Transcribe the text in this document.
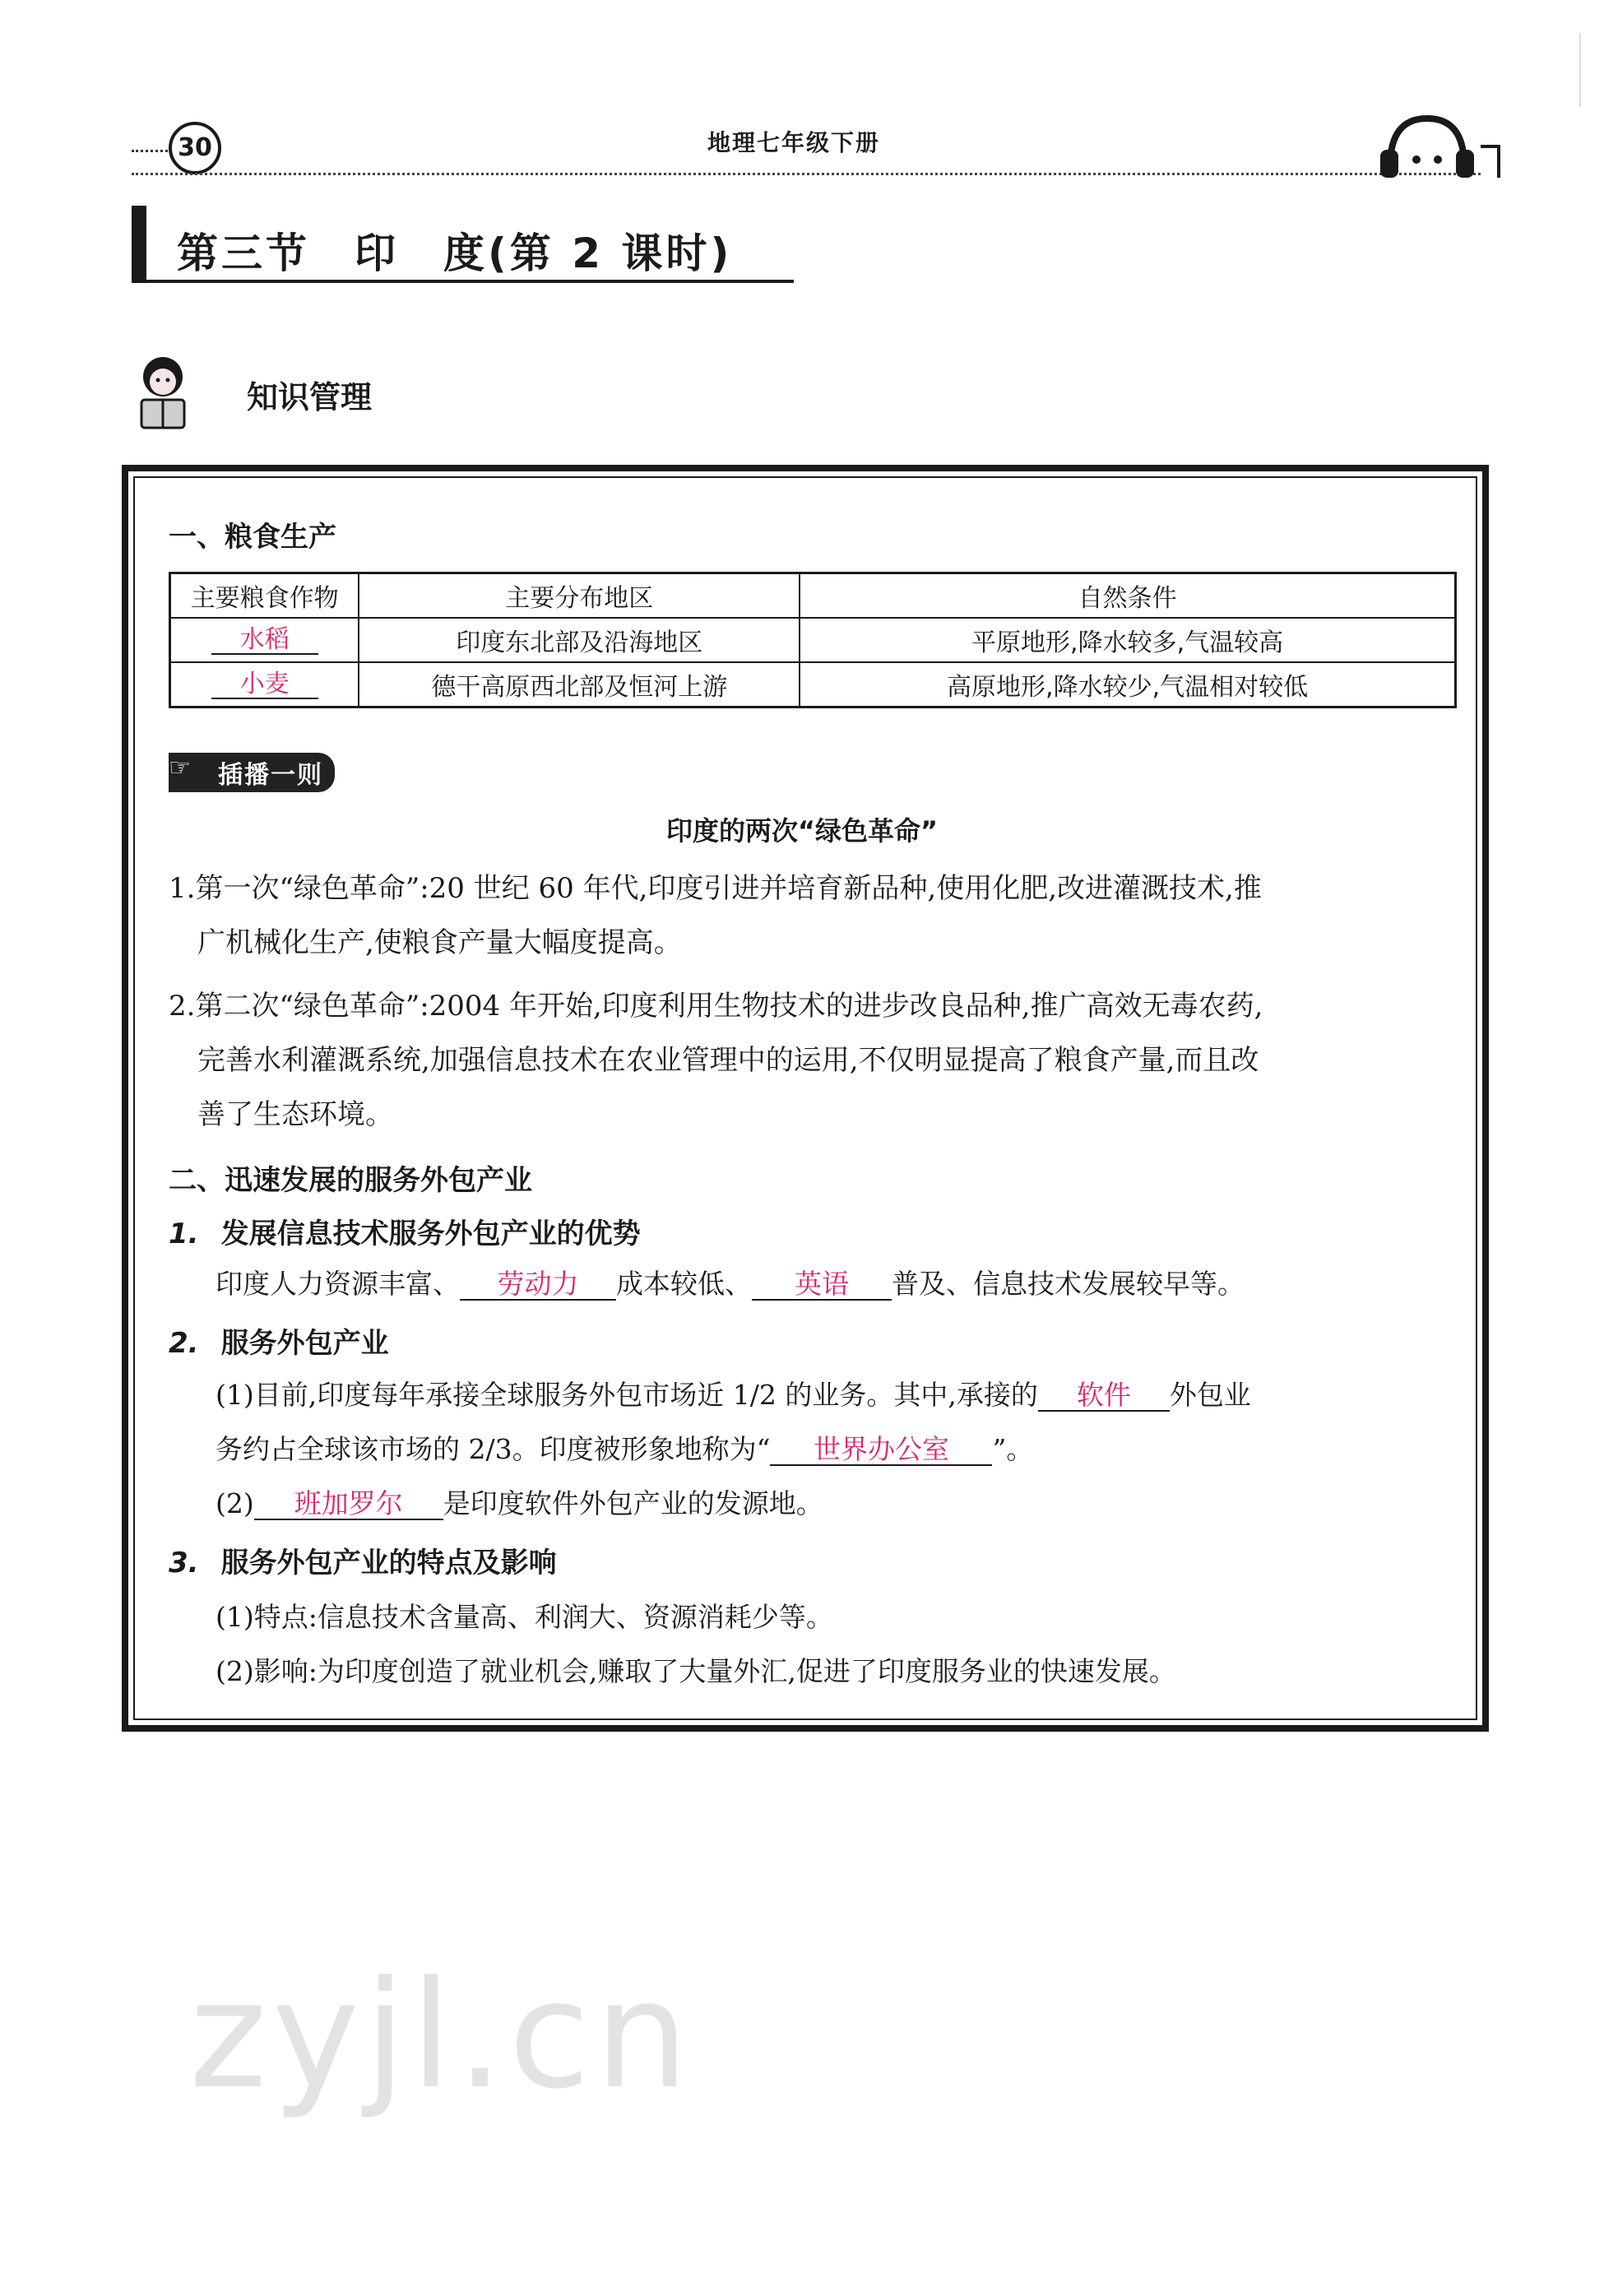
30	地理七年级下册
第三节　印　度(第 2 课时)
知识管理
一、粮食生产
主要粮食作物	主要分布地区	自然条件
水稻	印度东北部及沿海地区	平原地形,降水较多,气温较高
小麦	德干高原西北部及恒河上游	高原地形,降水较少,气温相对较低
插播一则
☞
印度的两次“绿色革命”
1.第一次“绿色革命”:20 世纪 60 年代,印度引进并培育新品种,使用化肥,改进灌溉技术,推
广机械化生产,使粮食产量大幅度提高。
2.第二次“绿色革命”:2004 年开始,印度利用生物技术的进步改良品种,推广高效无毒农药,
完善水利灌溉系统,加强信息技术在农业管理中的运用,不仅明显提高了粮食产量,而且改
善了生态环境。
二、迅速发展的服务外包产业
1. 发展信息技术服务外包产业的优势
印度人力资源丰富、 劳动力 成本较低、 英语 普及、信息技术发展较早等。
2. 服务外包产业
(1)目前,印度每年承接全球服务外包市场近 1/2 的业务。其中,承接的 软件 外包业
务约占全球该市场的 2/3。印度被形象地称为“ 世界办公室 ”。
(2) 班加罗尔 是印度软件外包产业的发源地。
3. 服务外包产业的特点及影响
(1)特点:信息技术含量高、利润大、资源消耗少等。
(2)影响:为印度创造了就业机会,赚取了大量外汇,促进了印度服务业的快速发展。
zyjl.cn
